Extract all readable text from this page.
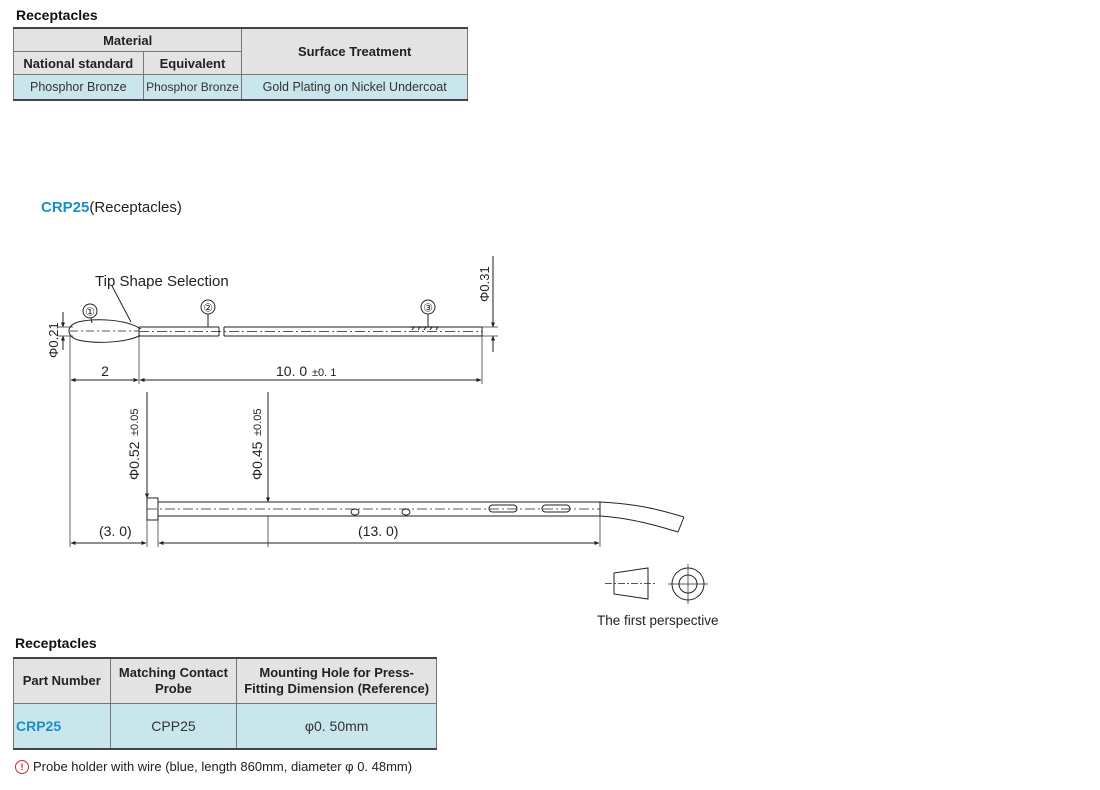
Receptacles
Material		Surface Treatment
National standard	Equivalent	
Phosphor Bronze	Phosphor Bronze	Gold Plating on Nickel Undercoat
CRP25(Receptacles)
①	②	③
Tip Shape Selection
Φ0.21
Φ0.31
2	10. 0 ±0. 1
Φ0.52
±0.05
Φ0.45
±0.05
(3. 0)	(13. 0)
The first perspective
Receptacles
Part Number	Matching Contact Probe	Mounting Hole for Press-Fitting Dimension (Reference)
CRP25	CPP25	φ0. 50mm
! Probe holder with wire (blue, length 860mm, diameter φ 0. 48mm)
